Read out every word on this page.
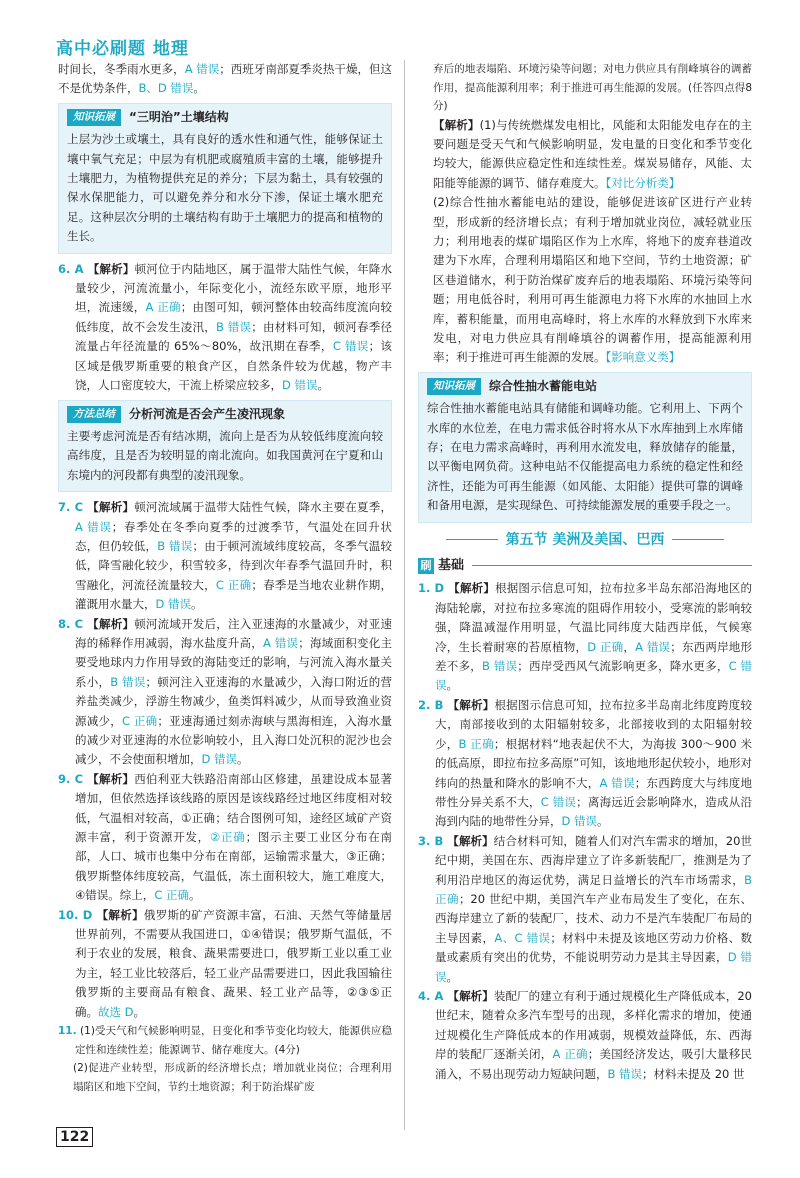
高中必刷题 地理

时间长，冬季雨水更多，A 错误；西班牙南部夏季炎热干燥，但这不是优势条件，B、D 错误。

知识拓展	“三明治”土壤结构

上层为沙土或壤土，具有良好的透水性和通气性，能够保证土壤中氧气充足；中层为有机肥或腐殖质丰富的土壤，能够提升土壤肥力，为植物提供充足的养分；下层为黏土，具有较强的保水保肥能力，可以避免养分和水分下渗，保证土壤水肥充足。这种层次分明的土壤结构有助于土壤肥力的提高和植物的生长。

6. A 【解析】顿河位于内陆地区，属于温带大陆性气候，年降水量较少，河流流量小，年际变化小，流经东欧平原，地形平坦，流速缓，A 正确；由图可知，顿河整体由较高纬度流向较低纬度，故不会发生凌汛，B 错误；由材料可知，顿河春季径流量占年径流量的 65%～80%，故汛期在春季，C 错误；该区域是俄罗斯重要的粮食产区，自然条件较为优越，物产丰饶，人口密度较大，干流上桥梁应较多，D 错误。

方法总结	分析河流是否会产生凌汛现象

主要考虑河流是否有结冰期，流向上是否为从较低纬度流向较高纬度，且是否为较明显的南北流向。如我国黄河在宁夏和山东境内的河段都有典型的凌汛现象。

7. C 【解析】顿河流域属于温带大陆性气候，降水主要在夏季，A 错误；春季处在冬季向夏季的过渡季节，气温处在回升状态，但仍较低，B 错误；由于顿河流域纬度较高，冬季气温较低，降雪融化较少，积雪较多，待到次年春季气温回升时，积雪融化，河流径流量较大，C 正确；春季是当地农业耕作期，灌溉用水量大，D 错误。

8. C 【解析】顿河流域开发后，注入亚速海的水量减少，对亚速海的稀释作用减弱，海水盐度升高，A 错误；海域面积变化主要受地球内力作用导致的海陆变迁的影响，与河流入海水量关系小，B 错误；顿河注入亚速海的水量减少，入海口附近的营养盐类减少，浮游生物减少，鱼类饵料减少，从而导致渔业资源减少，C 正确；亚速海通过刻赤海峡与黑海相连，入海水量的减少对亚速海的水位影响较小，且入海口处沉积的泥沙也会减少，不会使面积增加，D 错误。

9. C 【解析】西伯利亚大铁路沿南部山区修建，虽建设成本显著增加，但依然选择该线路的原因是该线路经过地区纬度相对较低，气温相对较高，①正确；结合图例可知，途经区域矿产资源丰富，利于资源开发，②正确；图示主要工业区分布在南部，人口、城市也集中分布在南部，运输需求量大，③正确；俄罗斯整体纬度较高，气温低，冻土面积较大，施工难度大，④错误。综上，C 正确。

10. D 【解析】俄罗斯的矿产资源丰富，石油、天然气等储量居世界前列，不需要从我国进口，①④错误；俄罗斯气温低，不利于农业的发展，粮食、蔬果需要进口，俄罗斯工业以重工业为主，轻工业比较落后，轻工业产品需要进口，因此我国输往俄罗斯的主要商品有粮食、蔬果、轻工业产品等，②③⑤正确。故选 D。

11. (1)受天气和气候影响明显，日变化和季节变化均较大，能源供应稳定性和连续性差；能源调节、储存难度大。(4分)

(2)促进产业转型，形成新的经济增长点；增加就业岗位；合理利用塌陷区和地下空间，节约土地资源；利于防治煤矿废

弃后的地表塌陷、环境污染等问题；对电力供应具有削峰填谷的调蓄作用，提高能源利用率；利于推进可再生能源的发展。(任答四点得8分)

【解析】(1)与传统燃煤发电相比，风能和太阳能发电存在的主要问题是受天气和气候影响明显，发电量的日变化和季节变化均较大，能源供应稳定性和连续性差。煤炭易储存，风能、太阳能等能源的调节、储存难度大。【对比分析类】

(2)综合性抽水蓄能电站的建设，能够促进该矿区进行产业转型，形成新的经济增长点；有利于增加就业岗位，减轻就业压力；利用地表的煤矿塌陷区作为上水库，将地下的废弃巷道改建为下水库，合理利用塌陷区和地下空间，节约土地资源；矿区巷道储水，利于防治煤矿废弃后的地表塌陷、环境污染等问题；用电低谷时，利用可再生能源电力将下水库的水抽回上水库，蓄积能量，而用电高峰时，将上水库的水释放到下水库来发电，对电力供应具有削峰填谷的调蓄作用，提高能源利用率；利于推进可再生能源的发展。【影响意义类】

知识拓展	综合性抽水蓄能电站

综合性抽水蓄能电站具有储能和调峰功能。它利用上、下两个水库的水位差，在电力需求低谷时将水从下水库抽到上水库储存；在电力需求高峰时，再利用水流发电，释放储存的能量，以平衡电网负荷。这种电站不仅能提高电力系统的稳定性和经济性，还能为可再生能源（如风能、太阳能）提供可靠的调峰和备用电源，是实现绿色、可持续能源发展的重要手段之一。

第五节 美洲及美国、巴西
刷 基础

1. D 【解析】根据图示信息可知，拉布拉多半岛东部沿海地区的海陆轮廓，对拉布拉多寒流的阻碍作用较小，受寒流的影响较强，降温减湿作用明显，气温比同纬度大陆西岸低，气候寒冷，生长着耐寒的苔原植物，D 正确，A 错误；东西两岸地形差不多，B 错误；西岸受西风气流影响更多，降水更多，C 错误。

2. B 【解析】根据图示信息可知，拉布拉多半岛南北纬度跨度较大，南部接收到的太阳辐射较多，北部接收到的太阳辐射较少，B 正确；根据材料“地表起伏不大，为海拔 300～900 米的低高原，即拉布拉多高原”可知，该地地形起伏较小，地形对纬向的热量和降水的影响不大，A 错误；东西跨度大与纬度地带性分异关系不大，C 错误；离海远近会影响降水，造成从沿海到内陆的地带性分异，D 错误。

3. B 【解析】结合材料可知，随着人们对汽车需求的增加，20世纪中期，美国在东、西海岸建立了许多新装配厂，推测是为了利用沿岸地区的海运优势，满足日益增长的汽车市场需求，B 正确；20 世纪中期，美国汽车产业布局发生了变化，在东、西海岸建立了新的装配厂，技术、动力不是汽车装配厂布局的主导因素，A、C 错误；材料中未提及该地区劳动力价格、数量或素质有突出的优势，不能说明劳动力是其主导因素，D 错误。

4. A 【解析】装配厂的建立有利于通过规模化生产降低成本，20 世纪末，随着众多汽车型号的出现，多样化需求的增加，使通过规模化生产降低成本的作用减弱，规模效益降低，东、西海岸的装配厂逐渐关闭，A 正确；美国经济发达，吸引大量移民涌入，不易出现劳动力短缺问题，B 错误；材料未提及 20 世

122
